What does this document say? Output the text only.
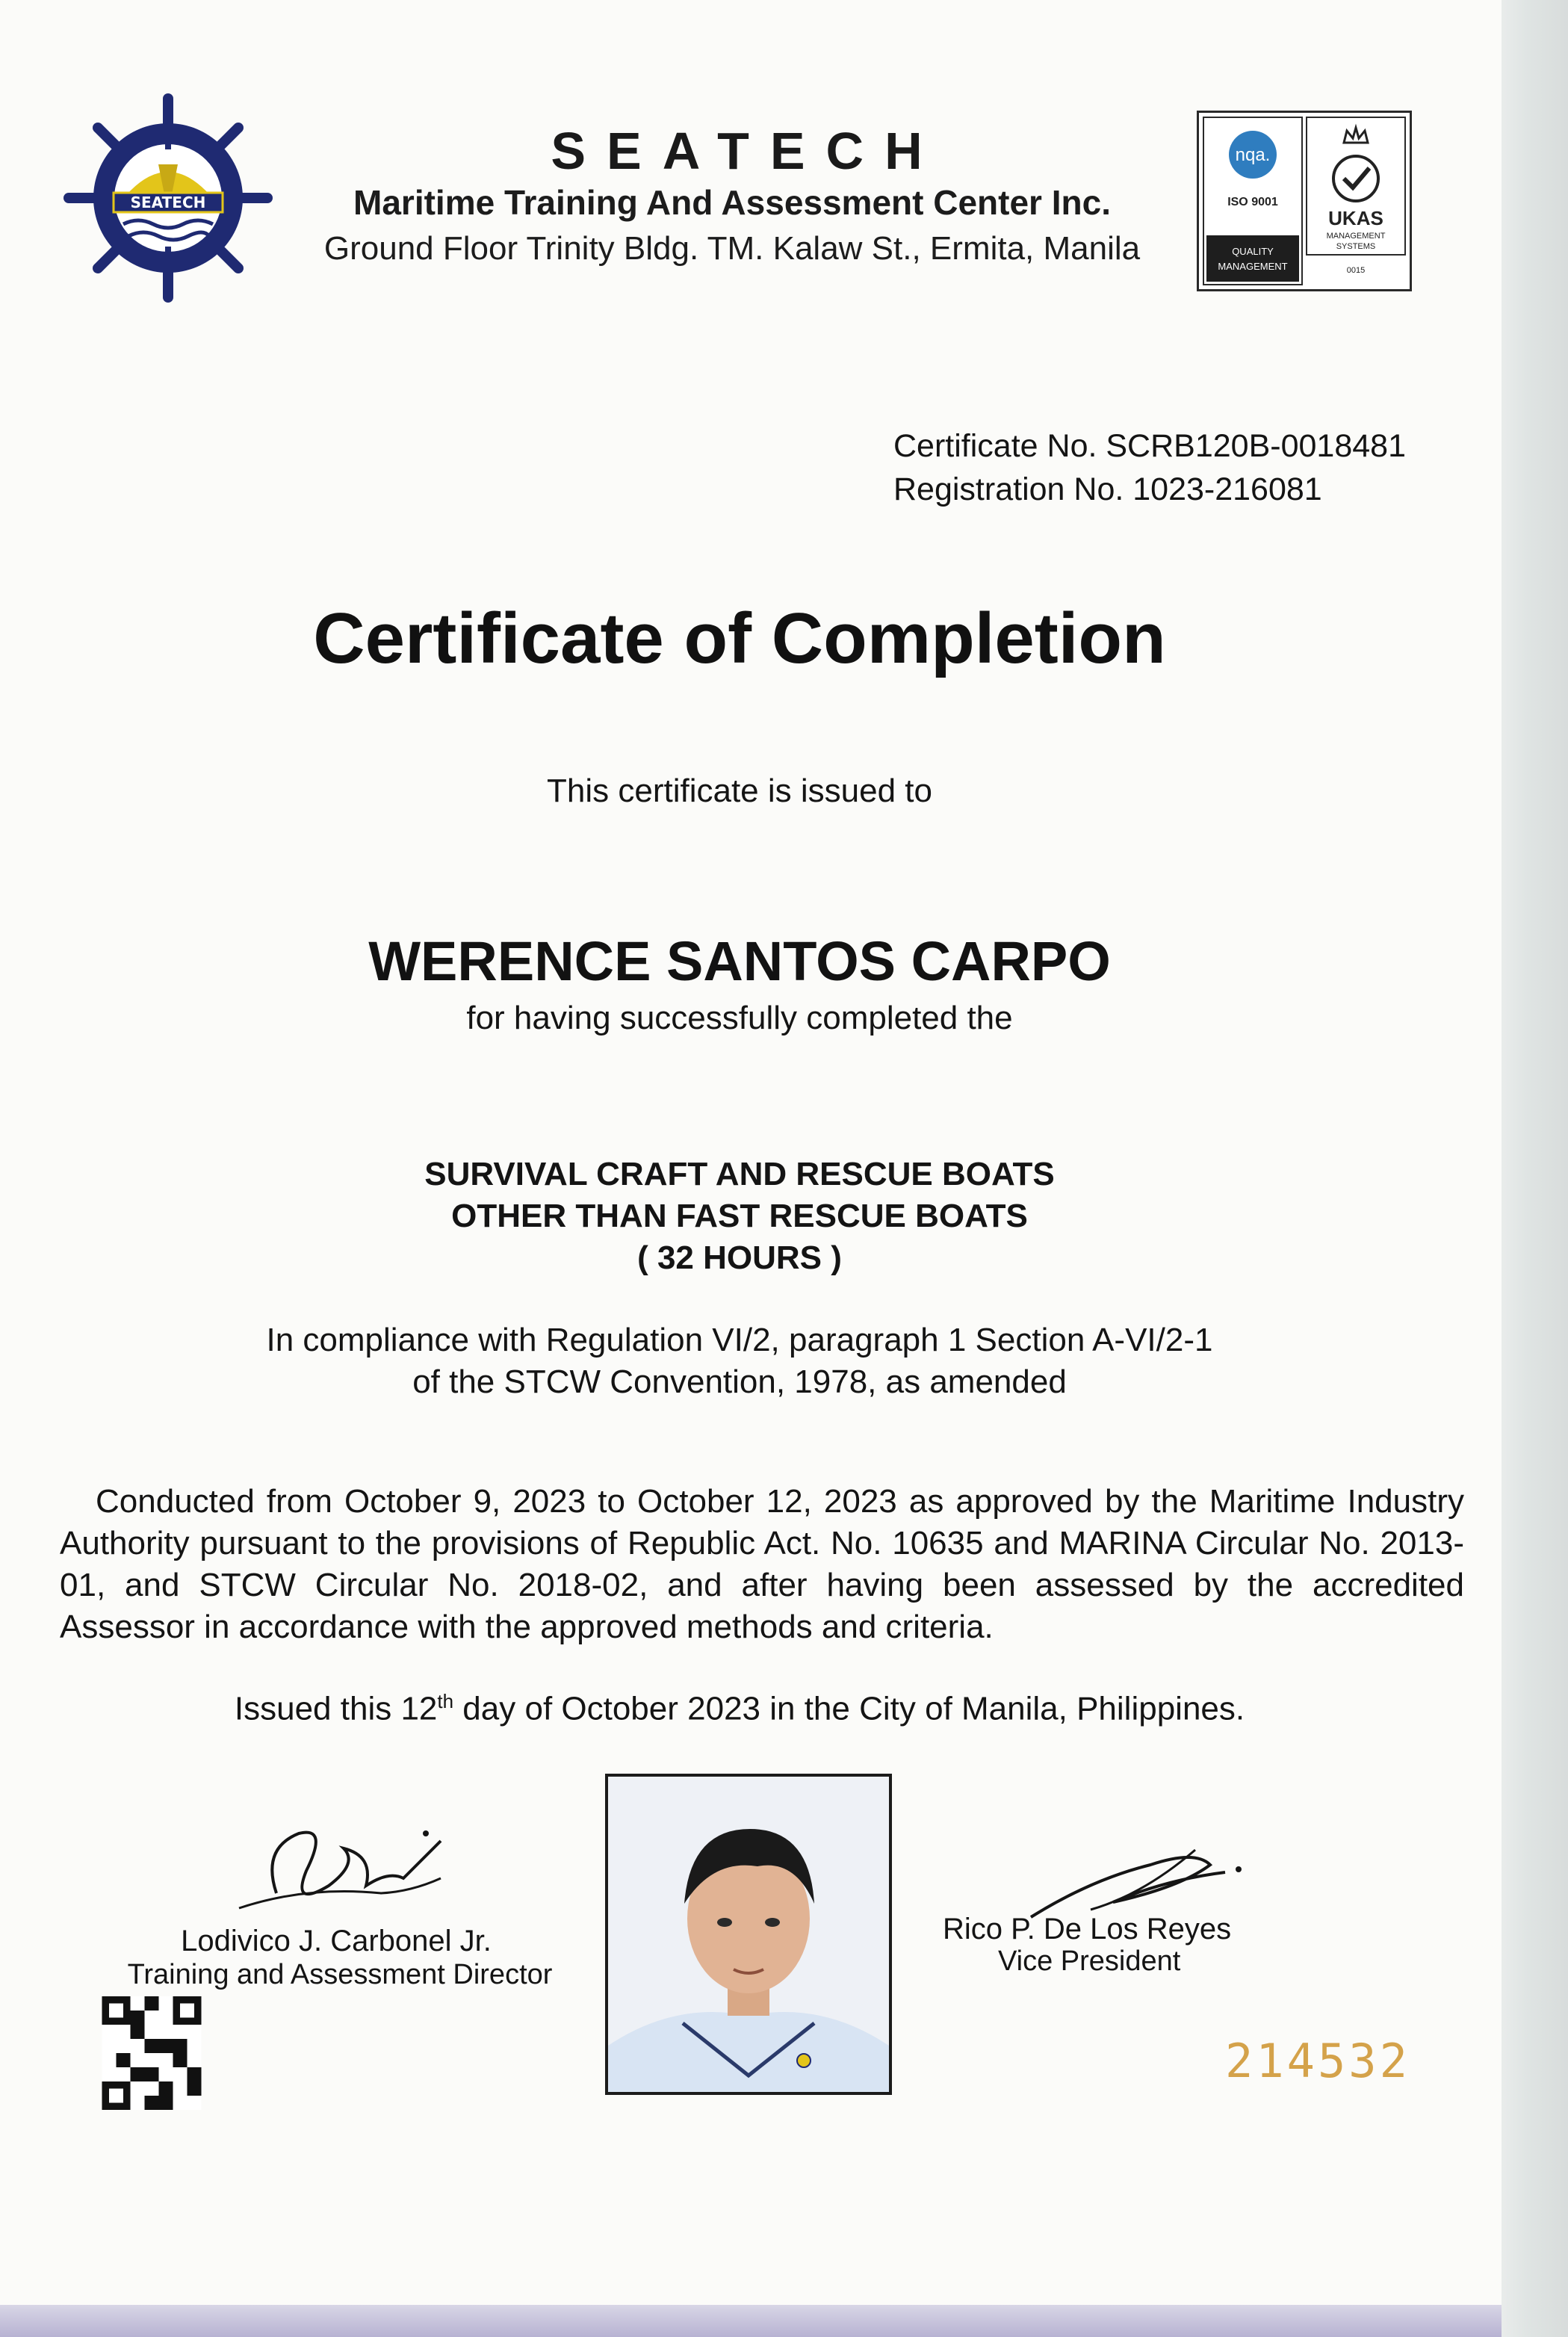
SEATECH
SEATECH
Maritime Training And Assessment Center Inc.
Ground Floor Trinity Bldg. TM. Kalaw St., Ermita, Manila
nqa.
ISO 9001
QUALITY
MANAGEMENT
UKAS
MANAGEMENT
SYSTEMS
0015
Certificate No. SCRB120B-0018481
Registration No. 1023-216081
Certificate of Completion
This certificate is issued to
WERENCE SANTOS CARPO
for having successfully completed the
SURVIVAL CRAFT AND RESCUE BOATS
OTHER THAN FAST RESCUE BOATS
( 32 HOURS )
In compliance with Regulation VI/2, paragraph 1 Section A-VI/2-1
of the STCW Convention, 1978, as amended
Conducted from October 9, 2023 to October 12, 2023 as approved by the Maritime Industry Authority pursuant to the provisions of Republic Act. No. 10635 and MARINA Circular No. 2013-01, and STCW Circular No. 2018-02, and after having been assessed by the accredited Assessor in accordance with the approved methods and criteria.
Issued this 12th day of October 2023 in the City of Manila, Philippines.
Lodivico J. Carbonel Jr.
Training and Assessment Director
Rico P. De Los Reyes
Vice President
214532
